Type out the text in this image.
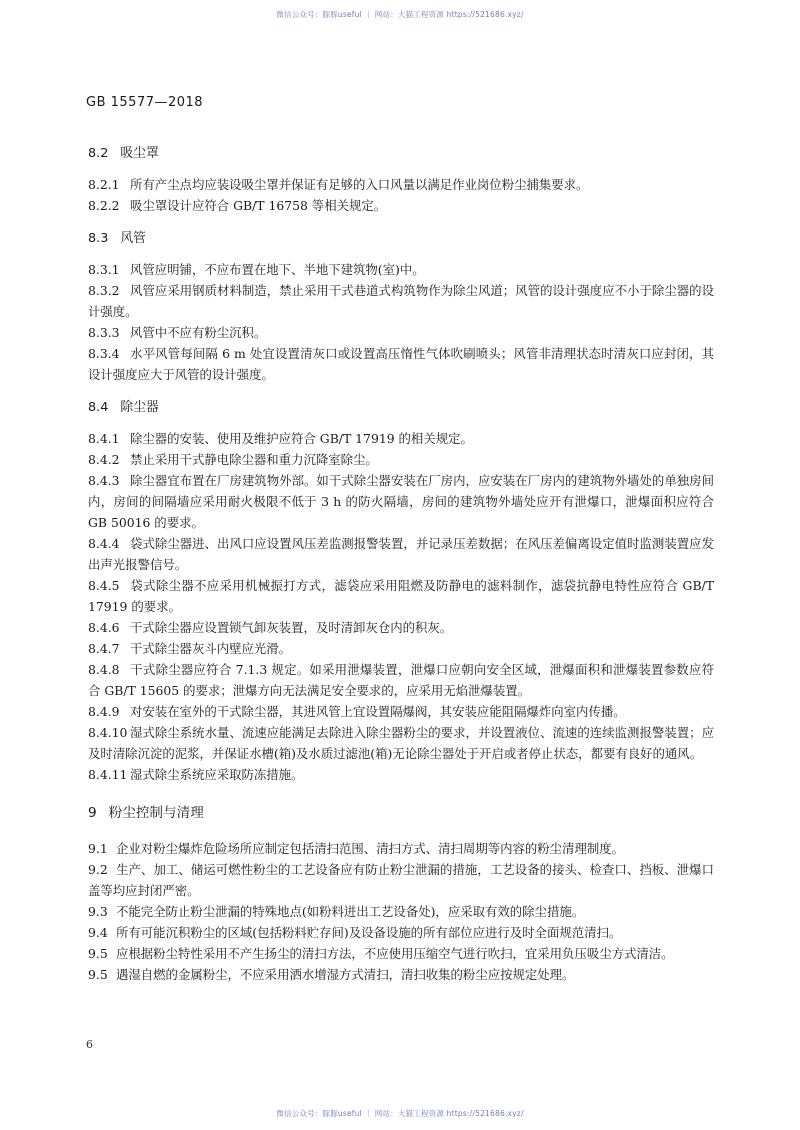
微信公众号：豚豚useful ｜ 网站：大猫工程资源 https://521686.xyz/
GB 15577—2018
8.2 吸尘罩

8.2.1 所有产尘点均应装设吸尘罩并保证有足够的入口风量以满足作业岗位粉尘捕集要求。

8.2.2 吸尘罩设计应符合 GB/T 16758 等相关规定。

8.3 风管

8.3.1 风管应明铺，不应布置在地下、半地下建筑物(室)中。

8.3.2 风管应采用钢质材料制造，禁止采用干式巷道式构筑物作为除尘风道；风管的设计强度应不小于除尘器的设计强度。

8.3.3 风管中不应有粉尘沉积。

8.3.4 水平风管每间隔 6 m 处宜设置清灰口或设置高压惰性气体吹刷喷头；风管非清理状态时清灰口应封闭，其设计强度应大于风管的设计强度。

8.4 除尘器

8.4.1 除尘器的安装、使用及维护应符合 GB/T 17919 的相关规定。

8.4.2 禁止采用干式静电除尘器和重力沉降室除尘。

8.4.3 除尘器宜布置在厂房建筑物外部。如干式除尘器安装在厂房内，应安装在厂房内的建筑物外墙处的单独房间内，房间的间隔墙应采用耐火极限不低于 3 h 的防火隔墙，房间的建筑物外墙处应开有泄爆口，泄爆面积应符合 GB 50016 的要求。

8.4.4 袋式除尘器进、出风口应设置风压差监测报警装置，并记录压差数据；在风压差偏离设定值时监测装置应发出声光报警信号。

8.4.5 袋式除尘器不应采用机械振打方式，滤袋应采用阻燃及防静电的滤料制作，滤袋抗静电特性应符合 GB/T 17919 的要求。

8.4.6 干式除尘器应设置锁气卸灰装置，及时清卸灰仓内的积灰。

8.4.7 干式除尘器灰斗内壁应光滑。

8.4.8 干式除尘器应符合 7.1.3 规定。如采用泄爆装置，泄爆口应朝向安全区域，泄爆面积和泄爆装置参数应符合 GB/T 15605 的要求；泄爆方向无法满足安全要求的，应采用无焰泄爆装置。

8.4.9 对安装在室外的干式除尘器，其进风管上宜设置隔爆阀，其安装应能阻隔爆炸向室内传播。

8.4.10 湿式除尘系统水量、流速应能满足去除进入除尘器粉尘的要求，并设置液位、流速的连续监测报警装置；应及时清除沉淀的泥浆，并保证水槽(箱)及水质过滤池(箱)无论除尘器处于开启或者停止状态，都要有良好的通风。

8.4.11 湿式除尘系统应采取防冻措施。

9 粉尘控制与清理

9.1 企业对粉尘爆炸危险场所应制定包括清扫范围、清扫方式、清扫周期等内容的粉尘清理制度。

9.2 生产、加工、储运可燃性粉尘的工艺设备应有防止粉尘泄漏的措施，工艺设备的接头、检查口、挡板、泄爆口盖等均应封闭严密。

9.3 不能完全防止粉尘泄漏的特殊地点(如粉料进出工艺设备处)，应采取有效的除尘措施。

9.4 所有可能沉积粉尘的区域(包括粉料贮存间)及设备设施的所有部位应进行及时全面规范清扫。

9.5 应根据粉尘特性采用不产生扬尘的清扫方法，不应使用压缩空气进行吹扫，宜采用负压吸尘方式清洁。

9.5 遇湿自燃的金属粉尘，不应采用洒水增湿方式清扫，清扫收集的粉尘应按规定处理。

6
微信公众号：豚豚useful ｜ 网站：大猫工程资源 https://521686.xyz/
